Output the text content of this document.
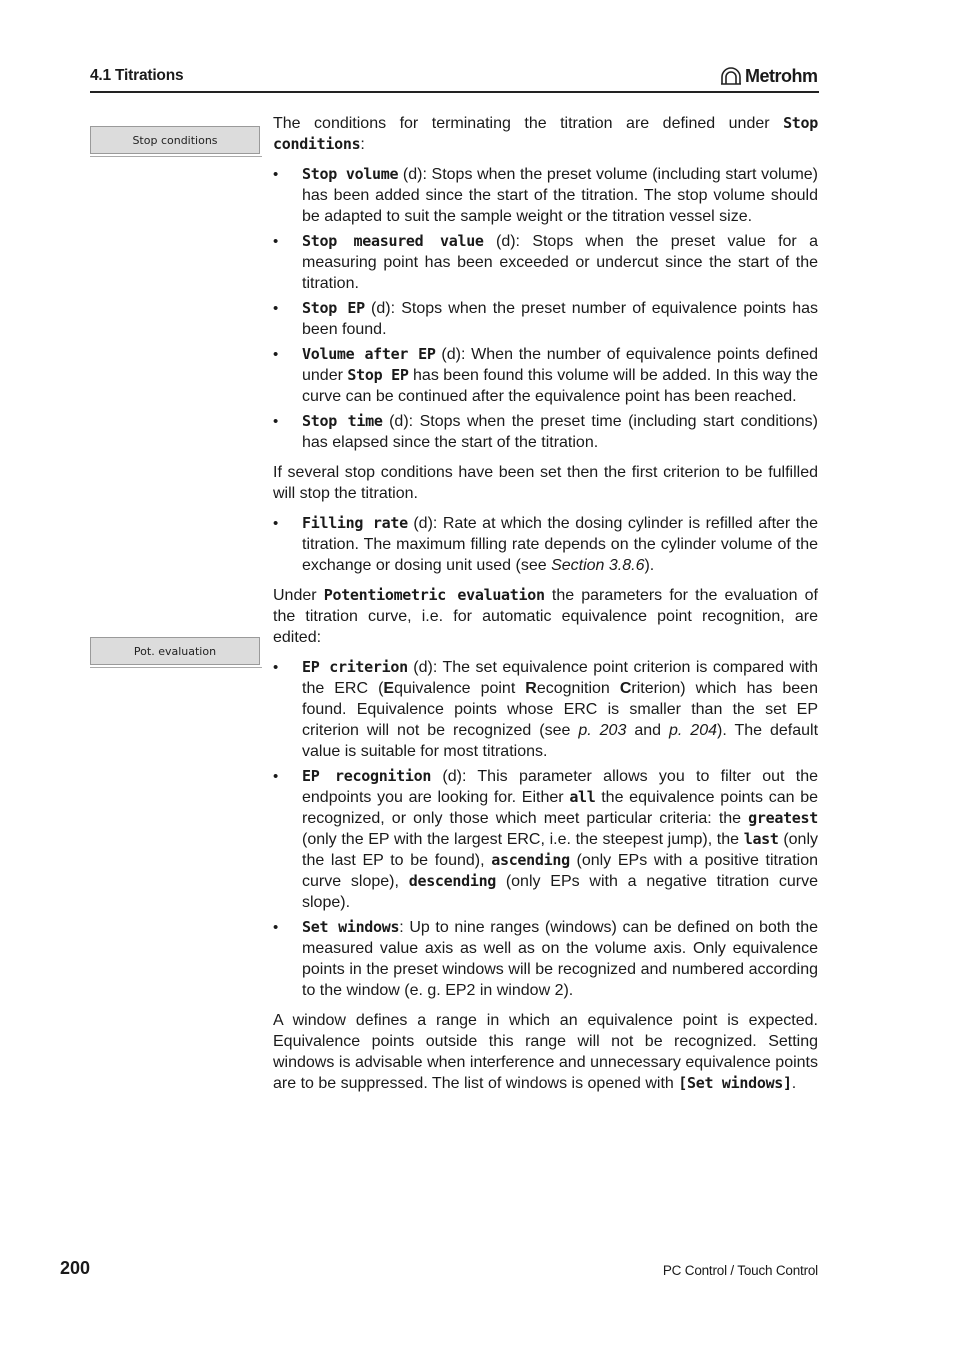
4.1 Titrations	Metrohm
Stop conditions
Pot. evaluation

The conditions for terminating the titration are defined under Stop conditions:

• Stop volume (d): Stops when the preset volume (including start volume) has been added since the start of the titration. The stop volume should be adapted to suit the sample weight or the titration vessel size.
• Stop measured value (d): Stops when the preset value for a measuring point has been exceeded or undercut since the start of the titration.
• Stop EP (d): Stops when the preset number of equivalence points has been found.
• Volume after EP (d): When the number of equivalence points defined under Stop EP has been found this volume will be added. In this way the curve can be continued after the equivalence point has been reached.
• Stop time (d): Stops when the preset time (including start conditions) has elapsed since the start of the titration.

If several stop conditions have been set then the first criterion to be fulfilled will stop the titration.

• Filling rate (d): Rate at which the dosing cylinder is refilled after the titration. The maximum filling rate depends on the cylinder volume of the exchange or dosing unit used (see Section 3.8.6).

Under Potentiometric evaluation the parameters for the evaluation of the titration curve, i.e. for automatic equivalence point recognition, are edited:

• EP criterion (d): The set equivalence point criterion is compared with the ERC (Equivalence point Recognition Criterion) which has been found. Equivalence points whose ERC is smaller than the set EP criterion will not be recognized (see p. 203 and p. 204). The default value is suitable for most titrations.
• EP recognition (d): This parameter allows you to filter out the endpoints you are looking for. Either all the equivalence points can be recognized, or only those which meet particular criteria: the greatest (only the EP with the largest ERC, i.e. the steepest jump), the last (only the last EP to be found), ascending (only EPs with a positive titration curve slope), descending (only EPs with a negative titration curve slope).
• Set windows: Up to nine ranges (windows) can be defined on both the measured value axis as well as on the volume axis. Only equivalence points in the preset windows will be recognized and numbered according to the window (e. g. EP2 in window 2).

A window defines a range in which an equivalence point is expected. Equivalence points outside this range will not be recognized. Setting windows is advisable when interference and unnecessary equivalence points are to be suppressed. The list of windows is opened with [Set windows].

200	PC Control / Touch Control
